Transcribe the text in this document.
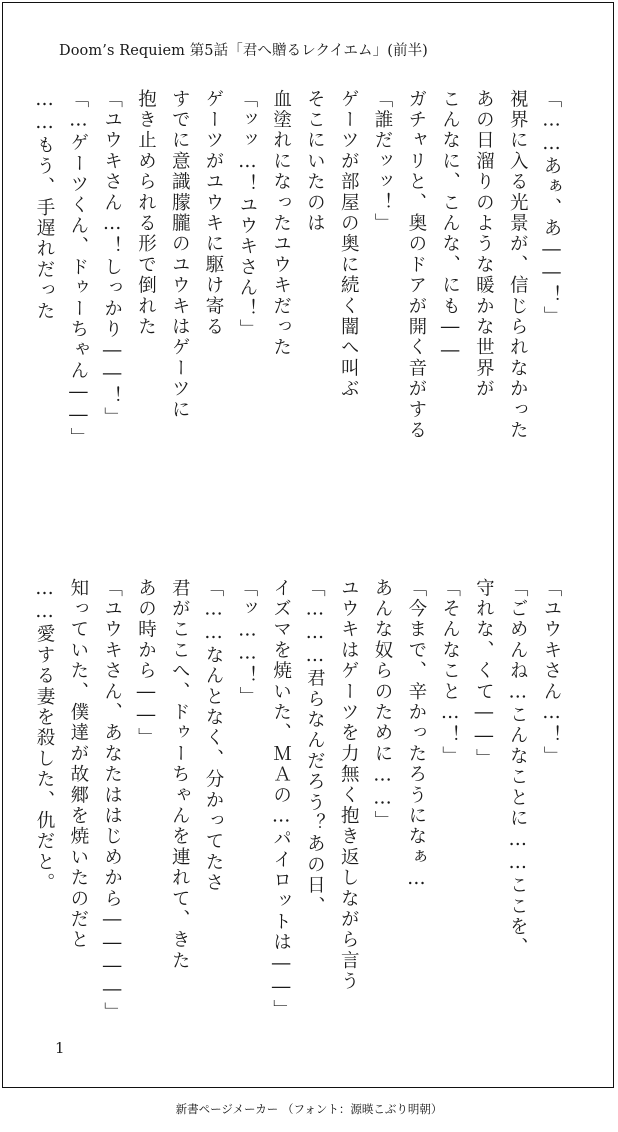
Doom’s Requiem 第5話「君へ贈るレクイエム」(前半)
「……あぁ、あ――！」
視界に入る光景が、信じられなかった
あの日溜りのような暖かな世界が
こんなに、こんな、にも――
ガチャリと、奥のドアが開く音がする
「誰だッッ！」
ゲーツが部屋の奥に続く闇へ叫ぶ
そこにいたのは
血塗れになったユウキだった
「ッッ…！ユウキさん！」
ゲーツがユウキに駆け寄る
すでに意識朦朧のユウキはゲーツに
抱き止められる形で倒れた
「ユウキさん…！しっかり――！」
「…ゲーツくん、ドゥーちゃん――」
……もう、手遅れだった
「ユウキさん…！」
「ごめんね…こんなことに……ここを、
守れな、くて――」
「そんなこと…！」
「今まで、辛かったろうになぁ…
あんな奴らのために……」
ユウキはゲーツを力無く抱き返しながら言う
「………君らなんだろう？あの日、
イズマを焼いた、ＭＡの…パイロットは――」
「ッ……！」
「……なんとなく、分かってたさ
君がここへ、ドゥーちゃんを連れて、きた
あの時から――」
「ユウキさん、あなたははじめから――――」
知っていた、僕達が故郷を焼いたのだと
……愛する妻を殺した、仇だと。
1
新書ページメーカー （フォント：源暎こぶり明朝）
